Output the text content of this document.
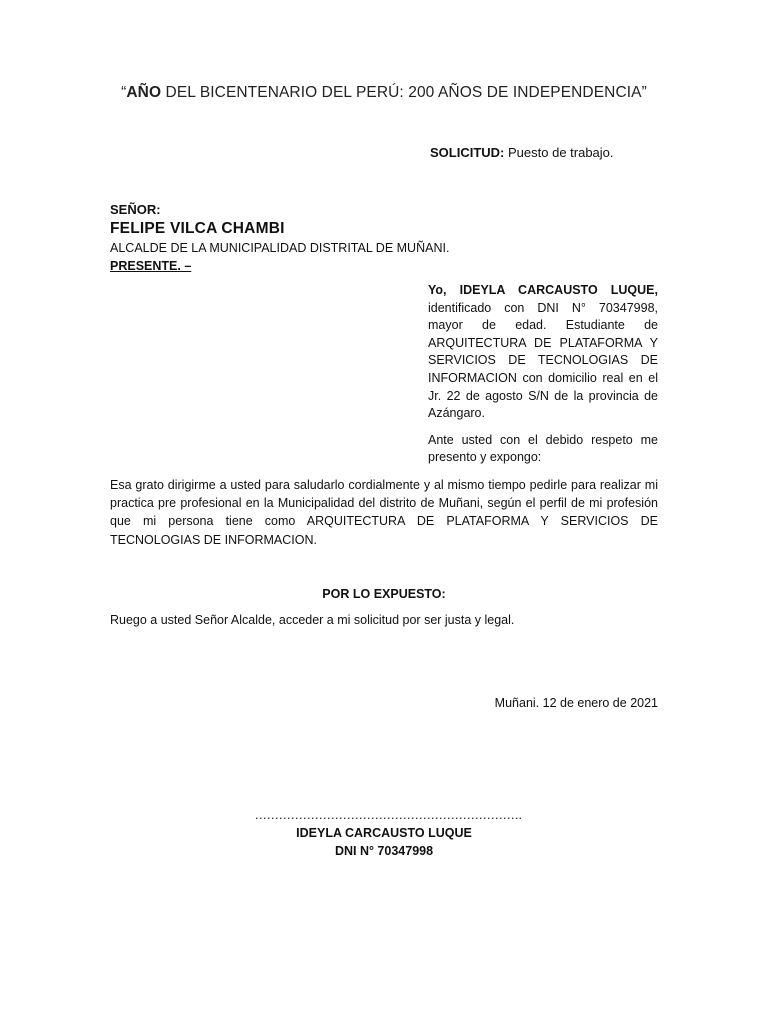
“AÑO DEL BICENTENARIO DEL PERÚ: 200 AÑOS DE INDEPENDENCIA”
SOLICITUD: Puesto de trabajo.
SEÑOR:
FELIPE VILCA CHAMBI
ALCALDE DE LA MUNICIPALIDAD DISTRITAL DE MUÑANI.
PRESENTE. –

Yo, IDEYLA CARCAUSTO LUQUE, identificado con DNI N° 70347998, mayor de edad. Estudiante de ARQUITECTURA DE PLATAFORMA Y SERVICIOS DE TECNOLOGIAS DE INFORMACION con domicilio real en el Jr. 22 de agosto S/N de la provincia de Azángaro.

Ante usted con el debido respeto me presento y expongo:

Esa grato dirigirme a usted para saludarlo cordialmente y al mismo tiempo pedirle para realizar mi practica pre profesional en la Municipalidad del distrito de Muñani, según el perfil de mi profesión que mi persona tiene como ARQUITECTURA DE PLATAFORMA Y SERVICIOS DE TECNOLOGIAS DE INFORMACION.

POR LO EXPUESTO:
Ruego a usted Señor Alcalde, acceder a mi solicitud por ser justa y legal.
Muñani. 12 de enero de 2021
………………………………………………………….
IDEYLA CARCAUSTO LUQUE
DNI N° 70347998
